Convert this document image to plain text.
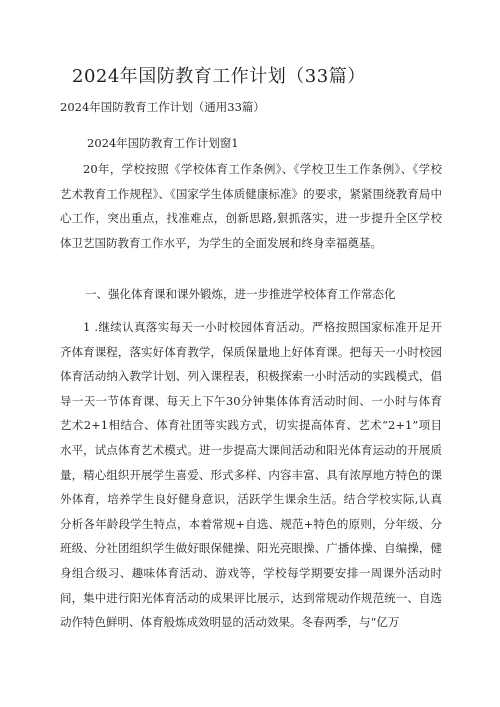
2024年国防教育工作计划（33篇）
2024年国防教育工作计划（通用33篇）
2024年国防教育工作计划窗1
20年，学校按照《学校体育工作条例》、《学校卫生工作条例》、《学校艺术教育工作规程》、《国家学生体质健康标准》的要求，紧紧围绕教育局中心工作，突出重点，找准难点，创新思路,狠抓落实，进一步提升全区学校体卫艺国防教育工作水平，为学生的全面发展和终身幸福奠基。
一、强化体育课和课外锻炼，进一步推进学校体育工作常态化
1 .继续认真落实每天一小时校园体育活动。严格按照国家标准开足开齐体育课程，落实好体育教学，保质保量地上好体育课。把每天一小时校园体育活动纳入教学计划、列入课程表，积极探索一小时活动的实践模式，倡导一天一节体育课、每天上下午30分钟集体体育活动时间、一小时与体育艺术2+1相结合、体育社团等实践方式，切实提高体育、艺术“2+1”项目水平，试点体育艺术模式。进一步提高大课间活动和阳光体育运动的开展质量，精心组织开展学生喜爱、形式多样、内容丰富、具有浓厚地方特色的课外体育，培养学生良好健身意识，活跃学生课余生活。结合学校实际,认真分析各年龄段学生特点，本着常规+自选、规范+特色的原则，分年级、分班级、分社团组织学生做好眼保健操、阳光亮眼操、广播体操、自编操，健身组合级习、趣味体育活动、游戏等，学校每学期要安排一周课外活动时间，集中进行阳光体育活动的成果评比展示，达到常规动作规范统一、自选动作特色鲜明、体育般炼成效明显的活动效果。冬春两季，与“亿万
